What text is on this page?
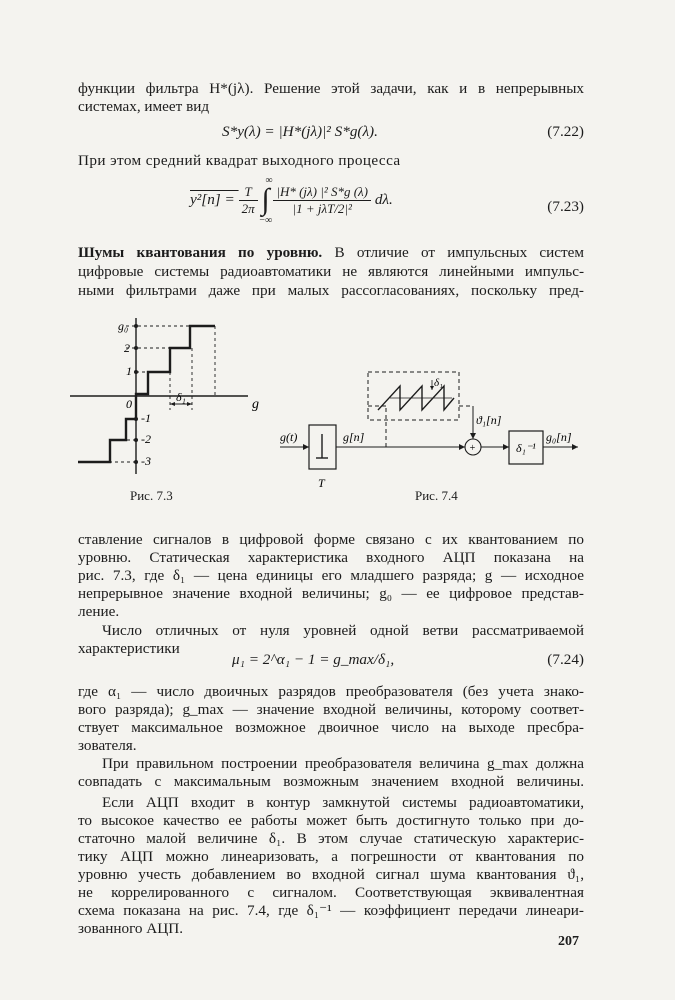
функции фильтра H*(jλ). Решение этой задачи, как и в непрерывных
системах, имеет вид
S*y(λ) = |H*(jλ)|² S*g(λ).	(7.22)
При этом средний квадрат выходного процесса
$y^2[n] = \frac{T}{2\pi}$ ∫
∞
−∞

$\frac{\text{|H* (jλ) |² S*g (λ)}}{\text{|1 + jλT/2|²}} d\lambda$.	(7.23)
Шумы квантования по уровню. В отличие от импульсных систем
цифровые системы радиоавтоматики не являются линейными импульс-
ными фильтрами даже при малых рассогласованиях, поскольку пред-
g₀
2
1
0
-1
-2
-3
δ₁	g
Рис. 7.3
g(t)
T
g[n]
δ₁
ϑ₁[n]
+	δ₁⁻¹
g₀[n]
Рис. 7.4
ставление сигналов в цифровой форме связано с их квантованием по
уровню. Статическая характеристика входного АЦП показана на
рис. 7.3, где δ₁ — цена единицы его младшего разряда; g — исходное
непрерывное значение входной величины; g₀ — ее цифровое представ-
ление.
Число отличных от нуля уровней одной ветви рассматриваемой
характеристики
μ₁ = 2^α₁ − 1 = g_max/δ₁,	(7.24)
где α₁ — число двоичных разрядов преобразователя (без учета знако-
вого разряда); g_max — значение входной величины, которому соответ-
ствует максимальное возможное двоичное число на выходе пресбра-
зователя.
При правильном построении преобразователя величина g_max должна
совпадать с максимальным возможным значением входной величины.
Если АЦП входит в контур замкнутой системы радиоавтоматики,
то высокое качество ее работы может быть достигнуто только при до-
статочно малой величине δ₁. В этом случае статическую характерис-
тику АЦП можно линеаризовать, а погрешности от квантования по
уровню учесть добавлением во входной сигнал шума квантования ϑ₁,
не коррелированного с сигналом. Соответствующая эквивалентная
схема показана на рис. 7.4, где δ₁⁻¹ — коэффициент передачи линеари-
зованного АЦП.
207
